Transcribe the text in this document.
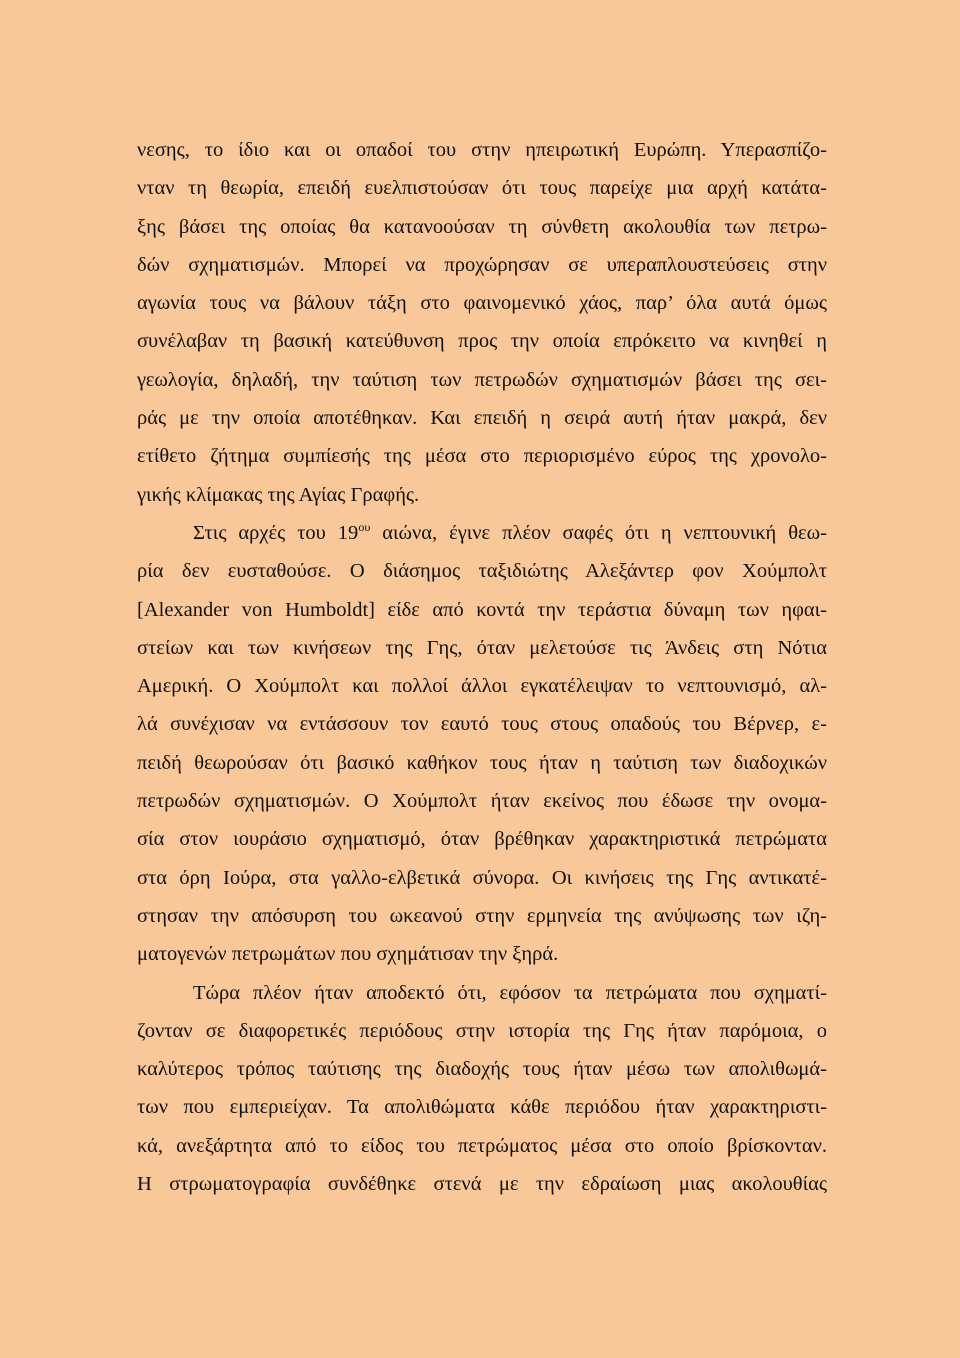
νεσης, το ίδιο και οι οπαδοί του στην ηπειρωτική Ευρώπη. Υπερασπίζο-
νταν τη θεωρία, επειδή ευελπιστούσαν ότι τους παρείχε μια αρχή κατάτα-
ξης βάσει της οποίας θα κατανοούσαν τη σύνθετη ακολουθία των πετρω-
δών σχηματισμών. Μπορεί να προχώρησαν σε υπεραπλουστεύσεις στην
αγωνία τους να βάλουν τάξη στο φαινομενικό χάος, παρ’ όλα αυτά όμως
συνέλαβαν τη βασική κατεύθυνση προς την οποία επρόκειτο να κινηθεί η
γεωλογία, δηλαδή, την ταύτιση των πετρωδών σχηματισμών βάσει της σει-
ράς με την οποία αποτέθηκαν. Και επειδή η σειρά αυτή ήταν μακρά, δεν
ετίθετο ζήτημα συμπίεσής της μέσα στο περιορισμένο εύρος της χρονολο-
γικής κλίμακας της Αγίας Γραφής.
Στις αρχές του $19^{o\upsilon}$ αιώνα, έγινε πλέον σαφές ότι η νεπτουνική θεω-
ρία δεν ευσταθούσε. Ο διάσημος ταξιδιώτης Αλεξάντερ φον Χούμπολτ
[Alexander von Humboldt] είδε από κοντά την τεράστια δύναμη των ηφαι-
στείων και των κινήσεων της Γης, όταν μελετούσε τις Άνδεις στη Νότια
Αμερική. Ο Χούμπολτ και πολλοί άλλοι εγκατέλειψαν το νεπτουνισμό, αλ-
λά συνέχισαν να εντάσσουν τον εαυτό τους στους οπαδούς του Βέρνερ, ε-
πειδή θεωρούσαν ότι βασικό καθήκον τους ήταν η ταύτιση των διαδοχικών
πετρωδών σχηματισμών. Ο Χούμπολτ ήταν εκείνος που έδωσε την ονομα-
σία στον ιουράσιο σχηματισμό, όταν βρέθηκαν χαρακτηριστικά πετρώματα
στα όρη Ιούρα, στα γαλλο-ελβετικά σύνορα. Οι κινήσεις της Γης αντικατέ-
στησαν την απόσυρση του ωκεανού στην ερμηνεία της ανύψωσης των ιζη-
ματογενών πετρωμάτων που σχημάτισαν την ξηρά.
Τώρα πλέον ήταν αποδεκτό ότι, εφόσον τα πετρώματα που σχηματί-
ζονταν σε διαφορετικές περιόδους στην ιστορία της Γης ήταν παρόμοια, ο
καλύτερος τρόπος ταύτισης της διαδοχής τους ήταν μέσω των απολιθωμά-
των που εμπεριείχαν. Τα απολιθώματα κάθε περιόδου ήταν χαρακτηριστι-
κά, ανεξάρτητα από το είδος του πετρώματος μέσα στο οποίο βρίσκονταν.
Η στρωματογραφία συνδέθηκε στενά με την εδραίωση μιας ακολουθίας
